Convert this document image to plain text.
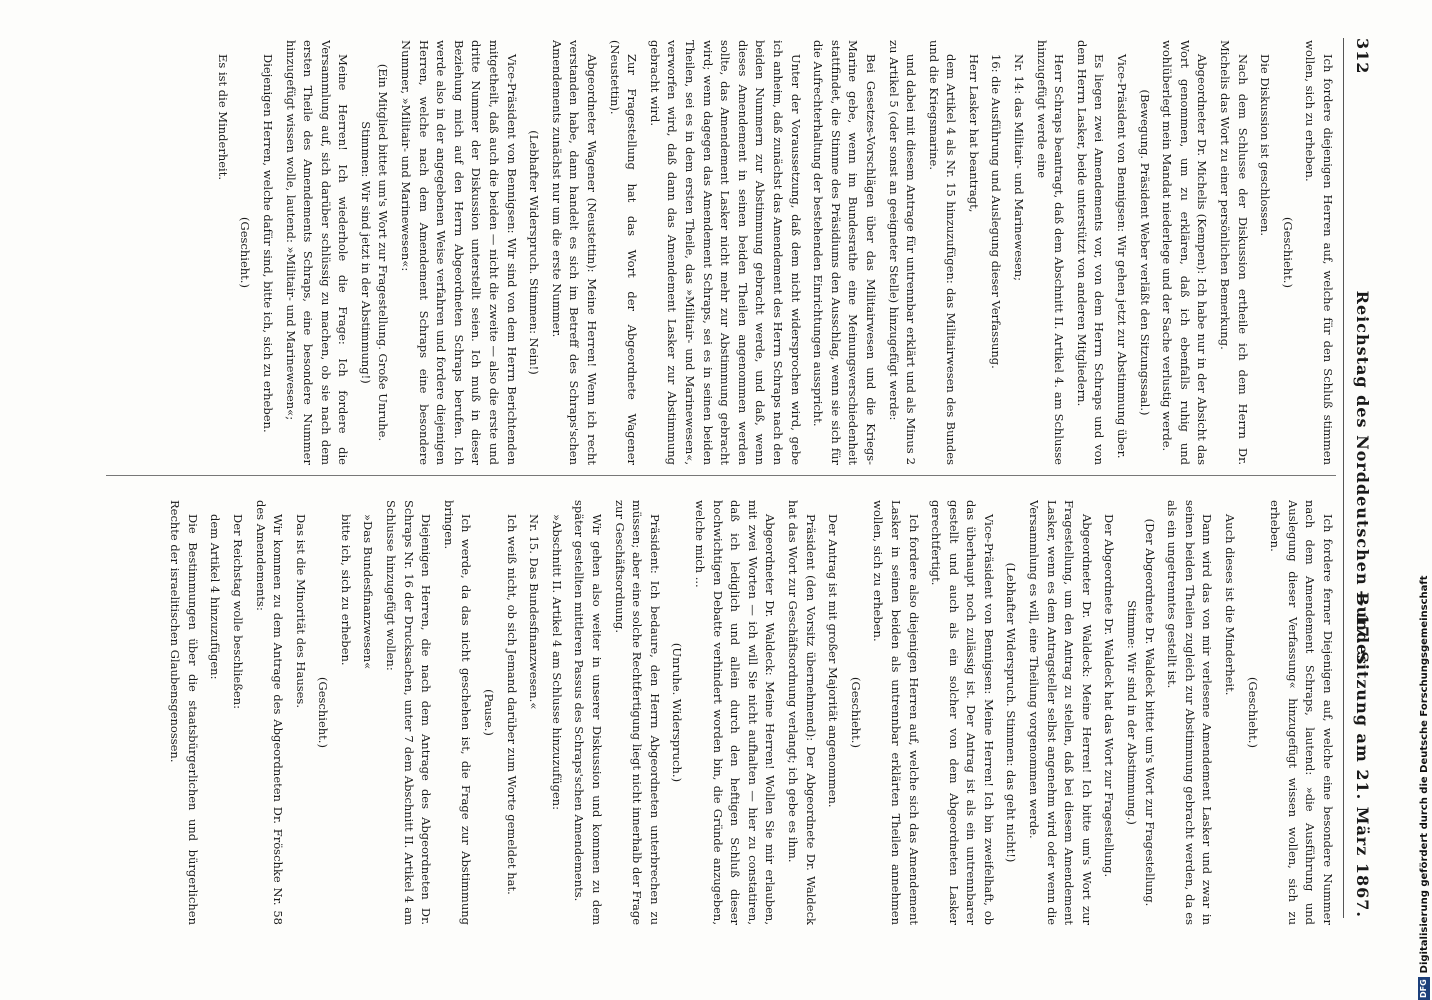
312
Reichstag des Norddeutschen Bundes
— 17. Sitzung am 21. März 1867.

Ich fordere diejenigen Herren auf, welche für den Schluß stimmen wollen, sich zu erheben.

(Geschieht.)

Die Diskussion ist geschlossen.

Nach dem Schlusse der Diskussion ertheile ich dem Herrn Dr. Michelis das Wort zu einer persönlichen Bemerkung.

Abgeordneter Dr. Michelis (Kempen): Ich habe nur in der Absicht das Wort genommen, um zu erklären, daß ich ebenfalls ruhig und wohlüberlegt mein Mandat niederlege und der Sache verlustig werde.

(Bewegung. Präsident Weber verläßt den Sitzungssaal.)

Vice-Präsident von Bennigsen: Wir gehen jetzt zur Abstimmung über.

Es liegen zwei Amendements vor, von dem Herrn Schraps und von dem Herrn Lasker, beide unterstützt von anderen Mitgliedern.

Herr Schraps beantragt, daß dem Abschnitt II. Artikel 4. am Schlusse hinzugefügt werde eine

Nr. 14: das Militair- und Marinewesen;

16: die Ausführung und Auslegung dieser Verfassung.

Herr Lasker hat beantragt,

dem Artikel 4 als Nr. 15 hinzuzufügen: das Militairwesen des Bundes und die Kriegsmarine.

und dabei mit diesem Antrage für untrennbar erklärt und als Minus 2 zu Artikel 5 (oder sonst an geeigneter Stelle) hinzugefügt werde:

Bei Gesetzes-Vorschlägen über das Militairwesen und die Kriegs-Marine gebe, wenn im Bundesrathe eine Meinungsverschiedenheit stattfindet, die Stimme des Präsidiums den Ausschlag, wenn sie sich für die Aufrechterhaltung der bestehenden Einrichtungen ausspricht.

Unter der Voraussetzung, daß dem nicht widersprochen wird, gebe ich anheim, daß zunächst das Amendement des Herrn Schraps nach den beiden Nummern zur Abstimmung gebracht werde, und daß, wenn dieses Amendement in seinen beiden Theilen angenommen werden sollte, das Amendement Lasker nicht mehr zur Abstimmung gebracht wird; wenn dagegen das Amendement Schraps, sei es in seinen beiden Theilen, sei es in dem ersten Theile, das »Militair- und Marinewesen«, verworfen wird, daß dann das Amendement Lasker zur Abstimmung gebracht wird.

Zur Fragestellung hat das Wort der Abgeordnete Wagener (Neustettin).

Abgeordneter Wagener (Neustettin): Meine Herren! Wenn ich recht verstanden habe, dann handelt es sich im Betreff des Schraps'schen Amendements zunächst nur um die erste Nummer.

(Lebhafter Widerspruch. Stimmen: Nein!)

Vice-Präsident von Bennigsen: Wir sind von dem Herrn Berichtenden mitgetheilt, daß auch die beiden — nicht die zweite — also die erste und dritte Nummer der Diskussion unterstellt seien. Ich muß in dieser Beziehung mich auf den Herrn Abgeordneten Schraps berufen. Ich werde also in der angegebenen Weise verfahren und fordere diejenigen Herren, welche nach dem Amendement Schraps eine besondere Nummer, »Militair- und Marinewesen«:

(Ein Mitglied bittet um's Wort zur Fragestellung. Große Unruhe. Stimmen: Wir sind jetzt in der Abstimmung!)

Meine Herren! Ich wiederhole die Frage: Ich fordere die Versammlung auf, sich darüber schlüssig zu machen, ob sie nach dem ersten Theile des Amendements Schraps, eine besondere Nummer hinzugefügt wissen wolle, lautend: »Militair- und Marinewesen«;

Diejenigen Herren, welche dafür sind, bitte ich, sich zu erheben.

(Geschieht.)

Es ist die Minderheit.

Ich fordere ferner Diejenigen auf, welche eine besondere Nummer nach dem Amendement Schraps, lautend: »die Ausführung und Auslegung dieser Verfassung« hinzugefügt wissen wollen, sich zu erheben.

(Geschieht.)

Auch dieses ist die Minderheit.

Dann wird das von mir verlesene Amendement Lasker und zwar in seinen beiden Theilen zugleich zur Abstimmung gebracht werden, da es als ein ungetrenntes gestellt ist.

(Der Abgeordnete Dr. Waldeck bittet um's Wort zur Fragestellung. Stimme: Wir sind in der Abstimmung.)

Der Abgeordnete Dr. Waldeck hat das Wort zur Fragestellung.

Abgeordneter Dr. Waldeck: Meine Herren! Ich bitte um's Wort zur Fragestellung, um den Antrag zu stellen, daß bei diesem Amendement Lasker, wenn es dem Antragsteller selbst angenehm wird oder wenn die Versammlung es will, eine Theilung vorgenommen werde.

(Lebhafter Widerspruch. Stimmen: das geht nicht!)

Vice-Präsident von Bennigsen: Meine Herren! Ich bin zweifelhaft, ob das überhaupt noch zulässig ist. Der Antrag ist als ein untrennbarer gestellt und auch als ein solcher von dem Abgeordneten Lasker gerechtfertigt.

Ich fordere also diejenigen Herren auf, welche sich das Amendement Lasker in seinen beiden als untrennbar erklärten Theilen annehmen wollen, sich zu erheben.

(Geschieht.)

Der Antrag ist mit großer Majorität angenommen.

Präsident (den Vorsitz übernehmend): Der Abgeordnete Dr. Waldeck hat das Wort zur Geschäftsordnung verlangt; ich gebe es ihm.

Abgeordneter Dr. Waldeck: Meine Herren! Wollen Sie mir erlauben, mit zwei Worten — ich will Sie nicht aufhalten — hier zu constatiren, daß ich lediglich und allein durch den heftigen Schluß dieser hochwichtigen Debatte verhindert worden bin, die Gründe anzugeben, welche mich ...

(Unruhe. Widerspruch.)

Präsident: Ich bedaure, den Herrn Abgeordneten unterbrechen zu müssen; aber eine solche Rechtfertigung liegt nicht innerhalb der Frage zur Geschäftsordnung.

Wir gehen also weiter in unserer Diskussion und kommen zu dem später gestellten mittleren Passus des Schraps'schen Amendements.

»Abschnitt II. Artikel 4 am Schlusse hinzuzufügen:

Nr. 15. Das Bundesfinanzwesen.«

Ich weiß nicht, ob sich Jemand darüber zum Worte gemeldet hat.

(Pause.)

Ich werde, da das nicht geschehen ist, die Frage zur Abstimmung bringen.

Diejenigen Herren, die nach dem Antrage des Abgeordneten Dr. Schraps Nr. 16 der Drucksachen, unter 7 dem Abschnitt II. Artikel 4 am Schlusse hinzugefügt wollen:

»Das Bundesfinanzwesen«

bitte ich, sich zu erheben.

(Geschieht.)

Das ist die Minorität des Hauses.

Wir kommen zu dem Antrage des Abgeordneten Dr. Fröschke Nr. 58 des Amendements:

Der Reichstag wolle beschließen:

dem Artikel 4 hinzuzufügen:

Die Bestimmungen über die staatsbürgerlichen und bürgerlichen Rechte der israelitischen Glaubensgenossen.

DFG
Digitalisierung gefördert durch die Deutsche Forschungsgemeinschaft
